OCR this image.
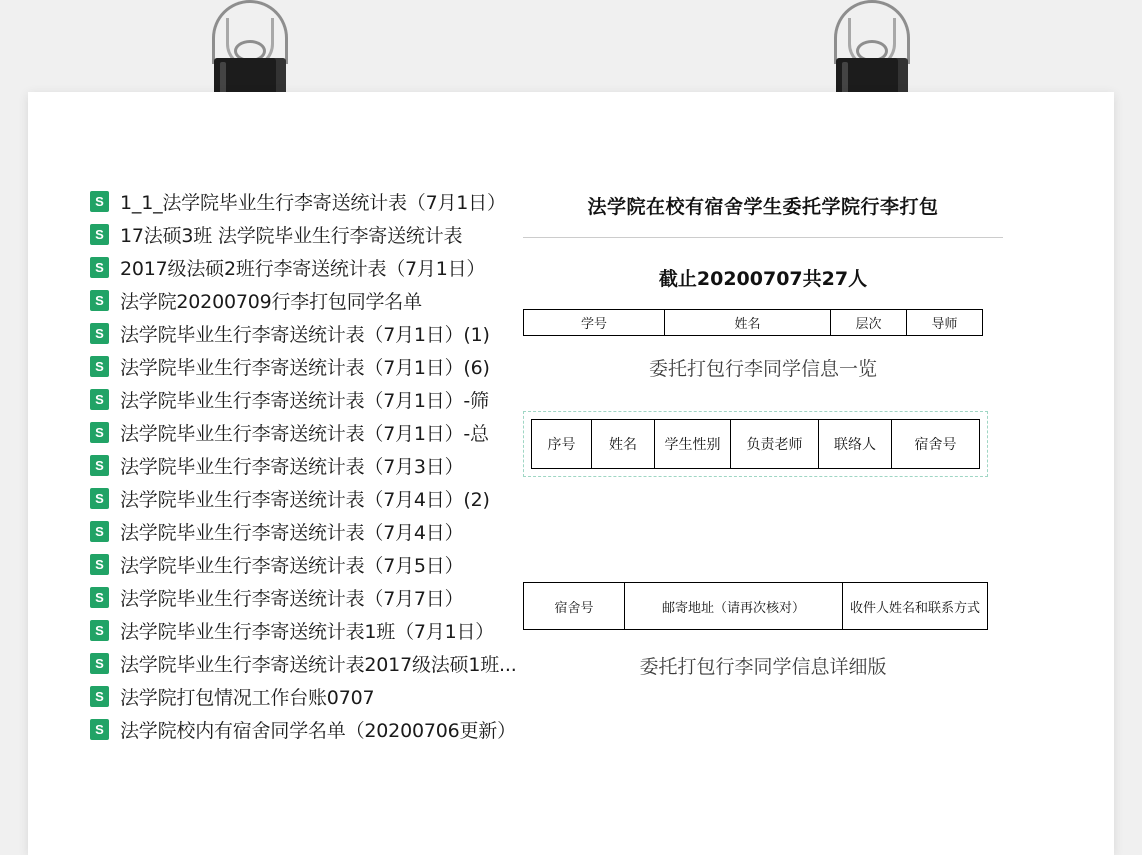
S 1_1_法学院毕业生行李寄送统计表（7月1日）
S 17法硕3班 法学院毕业生行李寄送统计表
S 2017级法硕2班行李寄送统计表（7月1日）
S 法学院20200709行李打包同学名单
S 法学院毕业生行李寄送统计表（7月1日）(1)
S 法学院毕业生行李寄送统计表（7月1日）(6)
S 法学院毕业生行李寄送统计表（7月1日）-筛
S 法学院毕业生行李寄送统计表（7月1日）-总
S 法学院毕业生行李寄送统计表（7月3日）
S 法学院毕业生行李寄送统计表（7月4日）(2)
S 法学院毕业生行李寄送统计表（7月4日）
S 法学院毕业生行李寄送统计表（7月5日）
S 法学院毕业生行李寄送统计表（7月7日）
S 法学院毕业生行李寄送统计表1班（7月1日）
S 法学院毕业生行李寄送统计表2017级法硕1班...
S 法学院打包情况工作台账0707
S 法学院校内有宿舍同学名单（20200706更新）
法学院在校有宿舍学生委托学院行李打包
截止20200707共27人
学号	姓名	层次	导师
委托打包行李同学信息一览
序号	姓名	学生性别	负责老师	联络人	宿舍号
宿舍号	邮寄地址（请再次核对）	收件人姓名和联系方式
委托打包行李同学信息详细版
